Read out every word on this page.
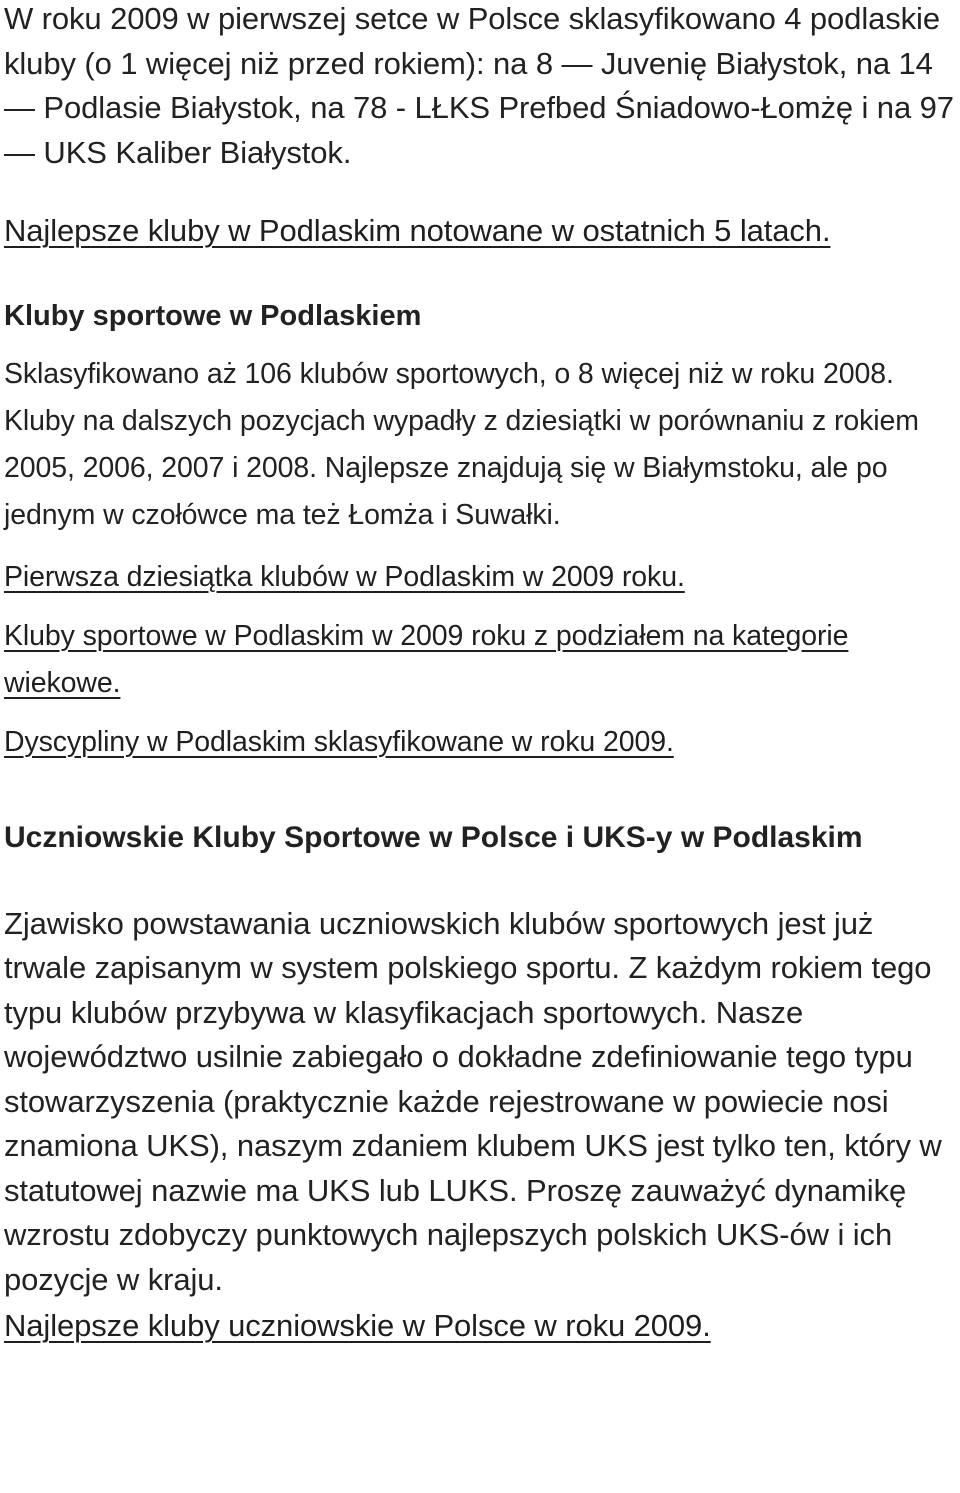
W roku 2009 w pierwszej setce w Polsce sklasyfikowano 4 podlaskie kluby (o 1 więcej niż przed rokiem): na 8 — Juvenię Białystok, na 14 — Podlasie Białystok, na 78 - LŁKS Prefbed Śniadowo-Łomżę i na 97 — UKS Kaliber Białystok.

Najlepsze kluby w Podlaskim notowane w ostatnich 5 latach.
Kluby sportowe w Podlaskiem

Sklasyfikowano aż 106 klubów sportowych, o 8 więcej niż w roku 2008. Kluby na dalszych pozycjach wypadły z dziesiątki w porównaniu z rokiem 2005, 2006, 2007 i 2008. Najlepsze znajdują się w Białymstoku, ale po jednym w czołówce ma też Łomża i Suwałki.

Pierwsza dziesiątka klubów w Podlaskim w 2009 roku.
Kluby sportowe w Podlaskim w 2009 roku z podziałem na kategorie wiekowe.
Dyscypliny w Podlaskim sklasyfikowane w roku 2009.
Uczniowskie Kluby Sportowe w Polsce i UKS-y w Podlaskim

Zjawisko powstawania uczniowskich klubów sportowych jest już trwale zapisanym w system polskiego sportu. Z każdym rokiem tego typu klubów przybywa w klasyfikacjach sportowych. Nasze województwo usilnie zabiegało o dokładne zdefiniowanie tego typu stowarzyszenia (praktycznie każde rejestrowane w powiecie nosi znamiona UKS), naszym zdaniem klubem UKS jest tylko ten, który w statutowej nazwie ma UKS lub LUKS. Proszę zauważyć dynamikę wzrostu zdobyczy punktowych najlepszych polskich UKS-ów i ich pozycje w kraju.

Najlepsze kluby uczniowskie w Polsce w roku 2009.
